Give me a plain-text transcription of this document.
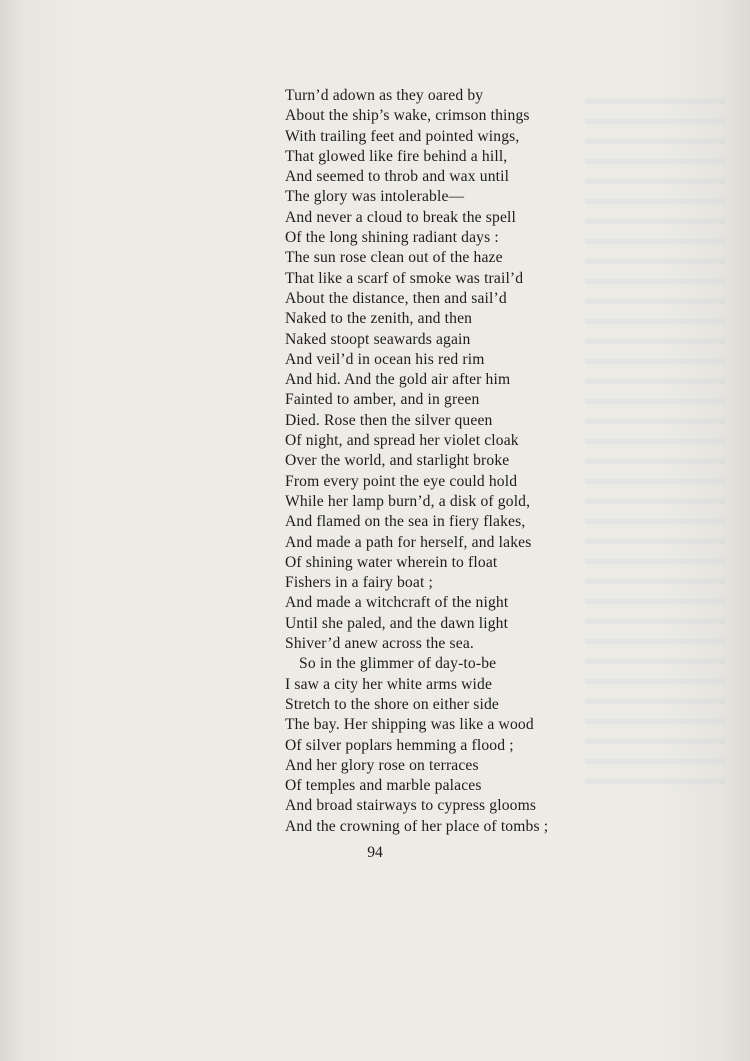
Turn’d adown as they oared by
About the ship’s wake, crimson things
With trailing feet and pointed wings,
That glowed like fire behind a hill,
And seemed to throb and wax until
The glory was intolerable—
And never a cloud to break the spell
Of the long shining radiant days :
The sun rose clean out of the haze
That like a scarf of smoke was trail’d
About the distance, then and sail’d
Naked to the zenith, and then
Naked stoopt seawards again
And veil’d in ocean his red rim
And hid. And the gold air after him
Fainted to amber, and in green
Died. Rose then the silver queen
Of night, and spread her violet cloak
Over the world, and starlight broke
From every point the eye could hold
While her lamp burn’d, a disk of gold,
And flamed on the sea in fiery flakes,
And made a path for herself, and lakes
Of shining water wherein to float
Fishers in a fairy boat ;
And made a witchcraft of the night
Until she paled, and the dawn light
Shiver’d anew across the sea.
So in the glimmer of day-to-be
I saw a city her white arms wide
Stretch to the shore on either side
The bay. Her shipping was like a wood
Of silver poplars hemming a flood ;
And her glory rose on terraces
Of temples and marble palaces
And broad stairways to cypress glooms
And the crowning of her place of tombs ;
94
